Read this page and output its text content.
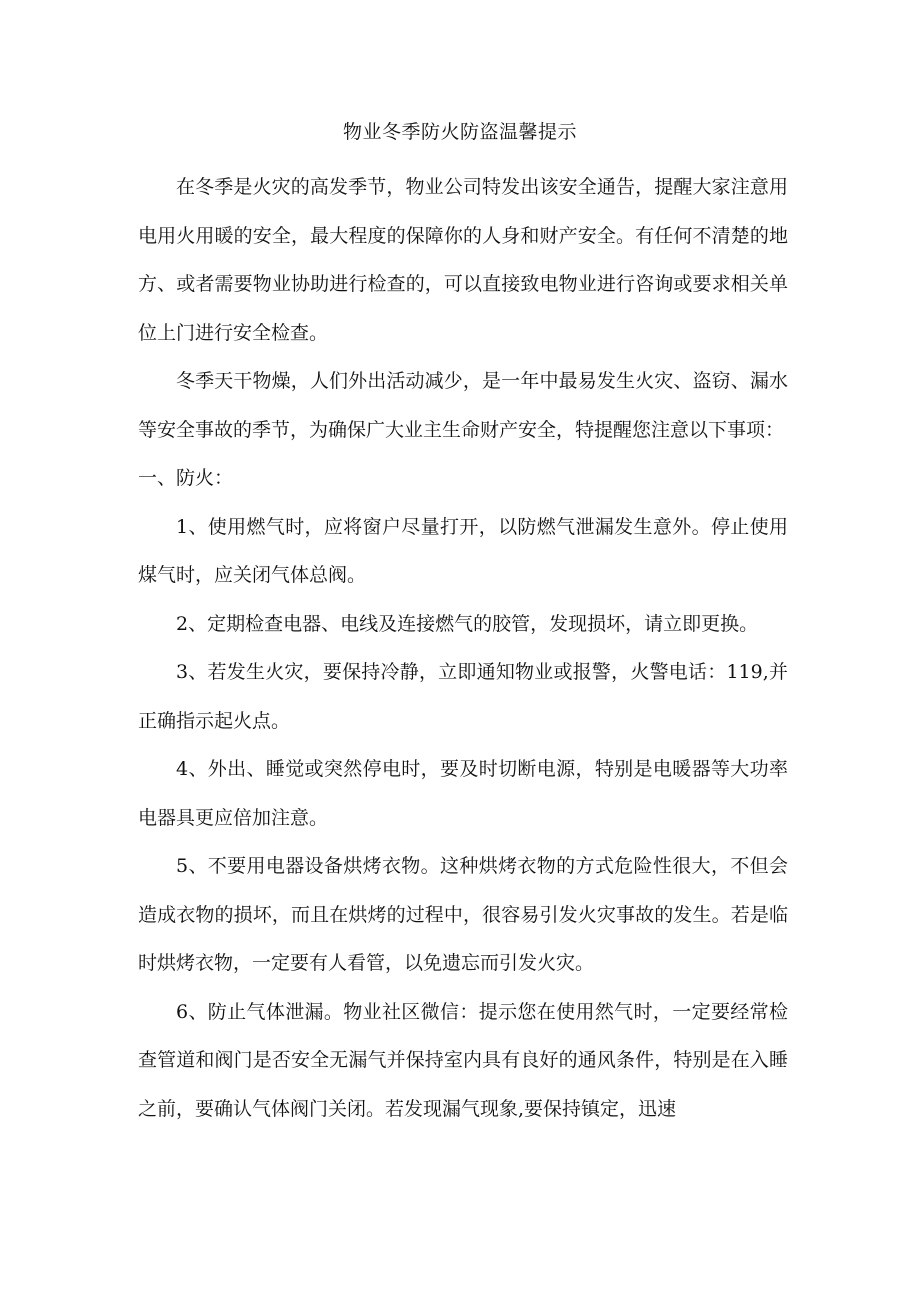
物业冬季防火防盗温馨提示

在冬季是火灾的高发季节，物业公司特发出该安全通告，提醒大家注意用电用火用暖的安全，最大程度的保障你的人身和财产安全。有任何不清楚的地方、或者需要物业协助进行检查的，可以直接致电物业进行咨询或要求相关单位上门进行安全检查。

冬季天干物燥，人们外出活动减少，是一年中最易发生火灾、盗窃、漏水等安全事故的季节，为确保广大业主生命财产安全，特提醒您注意以下事项：

一、防火：

1、使用燃气时，应将窗户尽量打开，以防燃气泄漏发生意外。停止使用煤气时，应关闭气体总阀。

2、定期检查电器、电线及连接燃气的胶管，发现损坏，请立即更换。

3、若发生火灾，要保持冷静，立即通知物业或报警，火警电话：119,并正确指示起火点。

4、外出、睡觉或突然停电时，要及时切断电源，特别是电暖器等大功率电器具更应倍加注意。

5、不要用电器设备烘烤衣物。这种烘烤衣物的方式危险性很大，不但会造成衣物的损坏，而且在烘烤的过程中，很容易引发火灾事故的发生。若是临时烘烤衣物，一定要有人看管，以免遗忘而引发火灾。

6、防止气体泄漏。物业社区微信：提示您在使用然气时，一定要经常检查管道和阀门是否安全无漏气并保持室内具有良好的通风条件，特别是在入睡之前，要确认气体阀门关闭。若发现漏气现象,要保持镇定，迅速
